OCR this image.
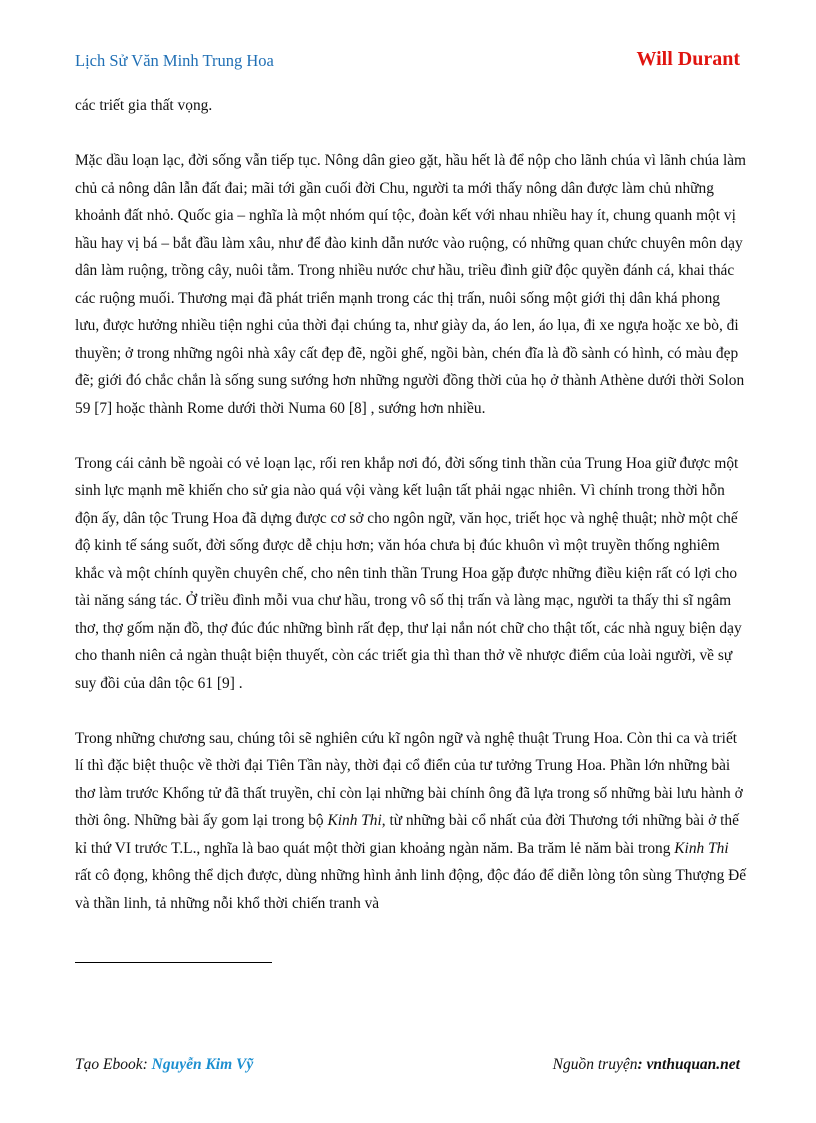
Lịch Sử Văn Minh Trung Hoa	Will Durant

các triết gia thất vọng.

Mặc dầu loạn lạc, đời sống vẫn tiếp tục. Nông dân gieo gặt, hầu hết là để nộp cho lãnh chúa vì lãnh chúa làm chủ cả nông dân lẫn đất đai; mãi tới gần cuối đời Chu, người ta mới thấy nông dân được làm chủ những khoảnh đất nhỏ. Quốc gia – nghĩa là một nhóm quí tộc, đoàn kết với nhau nhiều hay ít, chung quanh một vị hầu hay vị bá – bắt đầu làm xâu, như để đào kinh dẫn nước vào ruộng, có những quan chức chuyên môn dạy dân làm ruộng, trồng cây, nuôi tằm. Trong nhiều nước chư hầu, triều đình giữ độc quyền đánh cá, khai thác các ruộng muối. Thương mại đã phát triển mạnh trong các thị trấn, nuôi sống một giới thị dân khá phong lưu, được hưởng nhiều tiện nghi của thời đại chúng ta, như giày da, áo len, áo lụa, đi xe ngựa hoặc xe bò, đi thuyền; ở trong những ngôi nhà xây cất đẹp đẽ, ngồi ghế, ngồi bàn, chén đĩa là đồ sành có hình, có màu đẹp đẽ; giới đó chắc chắn là sống sung sướng hơn những người đồng thời của họ ở thành Athène dưới thời Solon 59 [7] hoặc thành Rome dưới thời Numa 60 [8] , sướng hơn nhiều.

Trong cái cảnh bề ngoài có vẻ loạn lạc, rối ren khắp nơi đó, đời sống tinh thần của Trung Hoa giữ được một sinh lực mạnh mẽ khiến cho sử gia nào quá vội vàng kết luận tất phải ngạc nhiên. Vì chính trong thời hỗn độn ấy, dân tộc Trung Hoa đã dựng được cơ sở cho ngôn ngữ, văn học, triết học và nghệ thuật; nhờ một chế độ kinh tế sáng suốt, đời sống được dễ chịu hơn; văn hóa chưa bị đúc khuôn vì một truyền thống nghiêm khắc và một chính quyền chuyên chế, cho nên tinh thần Trung Hoa gặp được những điều kiện rất có lợi cho tài năng sáng tác. Ở triều đình mỗi vua chư hầu, trong vô số thị trấn và làng mạc, người ta thấy thi sĩ ngâm thơ, thợ gốm nặn đồ, thợ đúc đúc những bình rất đẹp, thư lại nắn nót chữ cho thật tốt, các nhà nguỵ biện dạy cho thanh niên cả ngàn thuật biện thuyết, còn các triết gia thì than thở về nhược điểm của loài người, về sự suy đồi của dân tộc 61 [9] .

Trong những chương sau, chúng tôi sẽ nghiên cứu kĩ ngôn ngữ và nghệ thuật Trung Hoa. Còn thi ca và triết lí thì đặc biệt thuộc về thời đại Tiên Tần này, thời đại cổ điển của tư tưởng Trung Hoa. Phần lớn những bài thơ làm trước Khổng tử đã thất truyền, chỉ còn lại những bài chính ông đã lựa trong số những bài lưu hành ở thời ông. Những bài ấy gom lại trong bộ Kinh Thi, từ những bài cổ nhất của đời Thương tới những bài ở thế kỉ thứ VI trước T.L., nghĩa là bao quát một thời gian khoảng ngàn năm. Ba trăm lẻ năm bài trong Kinh Thi rất cô đọng, không thể dịch được, dùng những hình ảnh linh động, độc đáo để diễn lòng tôn sùng Thượng Đế và thần linh, tả những nỗi khổ thời chiến tranh và

Tạo Ebook: Nguyễn Kim Vỹ	Nguồn truyện: vnthuquan.net
